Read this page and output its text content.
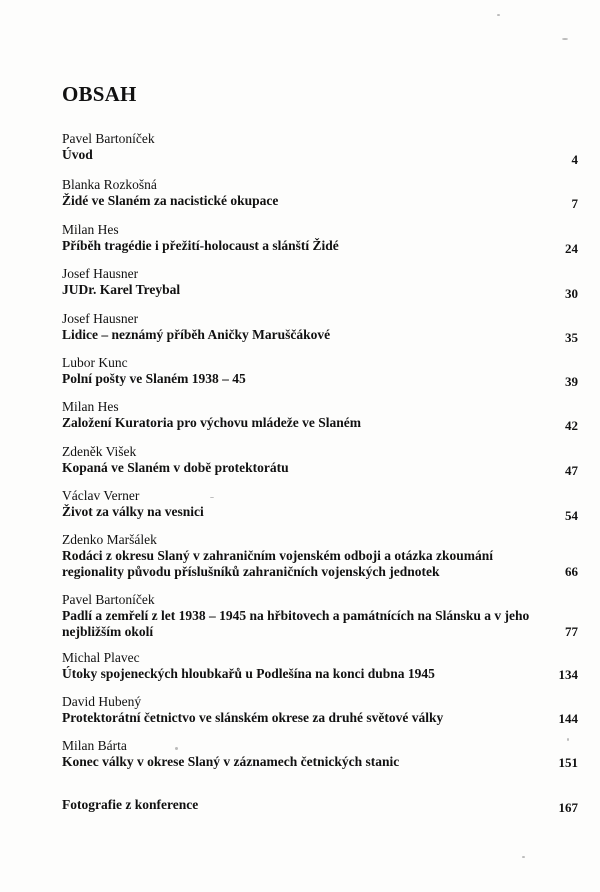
OBSAH
Pavel Bartoníček
Úvod	4
Blanka Rozkošná
Židé ve Slaném za nacistické okupace	7
Milan Hes
Příběh tragédie i přežití-holocaust a slánští Židé	24
Josef Hausner
JUDr. Karel Treybal	30
Josef Hausner
Lidice – neznámý příběh Aničky Maruščákové	35
Lubor Kunc
Polní pošty ve Slaném 1938 – 45	39
Milan Hes
Založení Kuratoria pro výchovu mládeže ve Slaném	42
Zdeněk Višek
Kopaná ve Slaném v době protektorátu	47
Václav Verner
Život za války na vesnici	54
Zdenko Maršálek
Rodáci z okresu Slaný v zahraničním vojenském odboji a otázka zkoumání regionality původu příslušníků zahraničních vojenských jednotek	66
Pavel Bartoníček
Padlí a zemřelí z let 1938 – 1945 na hřbitovech a památnících na Slánsku a v jeho nejbližším okolí	77
Michal Plavec
Útoky spojeneckých hloubkařů u Podlešína na konci dubna 1945	134
David Hubený
Protektorátní četnictvo ve slánském okrese za druhé světové války	144
Milan Bárta
Konec války v okrese Slaný v záznamech četnických stanic	151
Fotografie z konference	167
